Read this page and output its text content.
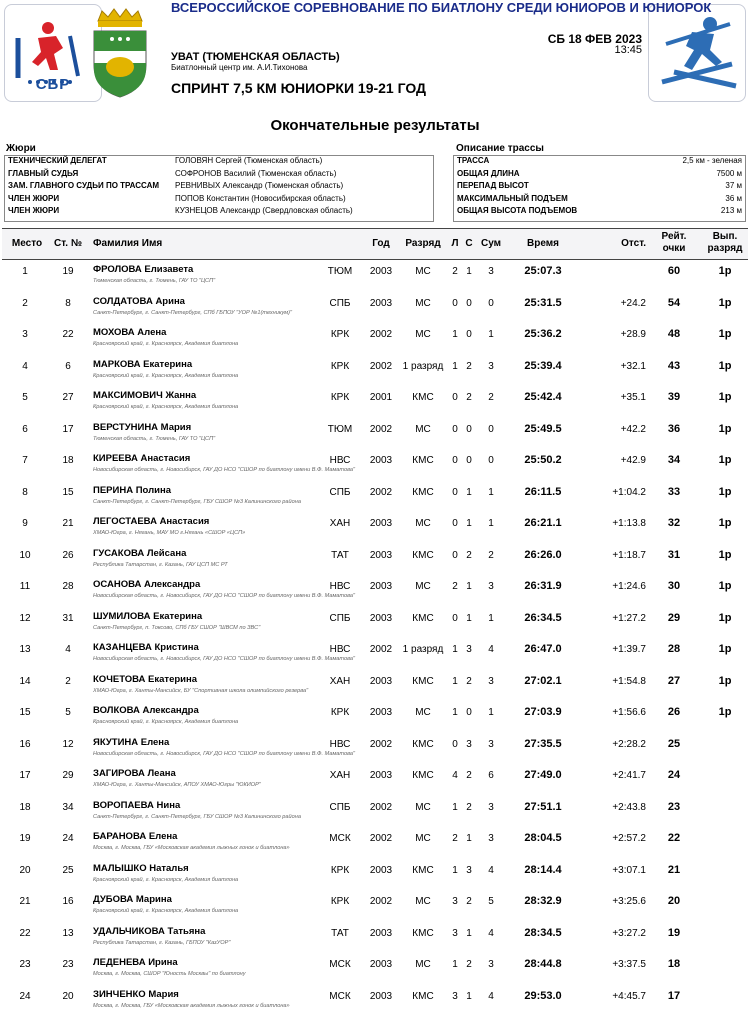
СБР
ВСЕРОССИЙСКОЕ СОРЕВНОВАНИЕ ПО БИАТЛОНУ СРЕДИ ЮНИОРОВ И ЮНИОРОК
СБ 18 ФЕВ 2023
13:45
УВАТ (ТЮМЕНСКАЯ ОБЛАСТЬ)
Биатлонный центр им. А.И.Тихонова
СПРИНТ 7,5 КМ ЮНИОРКИ 19-21 ГОД
Окончательные результаты
Жюри
ТЕХНИЧЕСКИЙ ДЕЛЕГАТ	ГОЛОВЯН Сергей (Тюменская область)
ГЛАВНЫЙ СУДЬЯ	СОФРОНОВ Василий (Тюменская область)
ЗАМ. ГЛАВНОГО СУДЬИ ПО ТРАССАМ РЕВНИВЫХ Александр (Тюменская область)
ЧЛЕН ЖЮРИ	ПОПОВ Константин (Новосибирская область)
ЧЛЕН ЖЮРИ	КУЗНЕЦОВ Александр (Свердловская область)
Описание трассы
ТРАССА	2,5 км - зеленая
ОБЩАЯ ДЛИНА	7500 м
ПЕРЕПАД ВЫСОТ	37 м
МАКСИМАЛЬНЫЙ ПОДЪЕМ	36 м
ОБЩАЯ ВЫСОТА ПОДЪЕМОВ	213 м
Место	Ст. №	Фамилия Имя	Год	Разряд	Л С Сум	Время	Отст.
Рейт.
очки
Вып.
разряд
1	19	ФРОЛОВА Елизавета
Тюменская область, г. Тюмень, ГАУ ТО "ЦСП"
ТЮМ	2003	МС	2 1	3	25:07.3	60	1р
2	8	СОЛДАТОВА Арина
Санкт-Петербург, г. Санкт-Петербург, СПб ГБПОУ "УОР №1(техникум)"
СПБ	2003	МС	0 0	0	25:31.5	+24.2	54	1р
3	22	МОХОВА Алена
Красноярский край, г. Красноярск, Академия биатлона
КРК	2002	МС	1 0	1	25:36.2	+28.9	48	1р
4	6	МАРКОВА Екатерина
Красноярский край, г. Красноярск, Академия биатлона
КРК	2002	1 разряд 1 2	3	25:39.4	+32.1	43	1р
5	27	МАКСИМОВИЧ Жанна
Красноярский край, г. Красноярск, Академия биатлона
КРК	2001	КМС	0 2	2	25:42.4	+35.1	39	1р
6	17	ВЕРСТУНИНА Мария
Тюменская область, г. Тюмень, ГАУ ТО "ЦСП"
ТЮМ	2002	МС	0 0	0	25:49.5	+42.2	36	1р
7	18	КИРЕЕВА Анастасия
Новосибирская область, г. Новосибирск, ГАУ ДО НСО "СШОР по биатлону имени В.Ф. Маматова"
НВС	2003	КМС	0 0	0	25:50.2	+42.9	34	1р
8	15	ПЕРИНА Полина
Санкт-Петербург, г. Санкт-Петербург, ГБУ СШОР №3 Калининского района
СПБ	2002	КМС	0 1	1	26:11.5	+1:04.2	33	1р
9	21	ЛЕГОСТАЕВА Анастасия
ХМАО-Югра, г. Нягань, МАУ МО г.Нягань «СШОР «ЦСП»
ХАН	2003	МС	0 1	1	26:21.1	+1:13.8	32	1р
10	26	ГУСАКОВА Лейсана
Республика Татарстан, г. Казань, ГАУ ЦСП МС РТ
ТАТ	2003	КМС	0 2	2	26:26.0	+1:18.7	31	1р
11	28	ОСАНОВА Александра
Новосибирская область, г. Новосибирск, ГАУ ДО НСО "СШОР по биатлону имени В.Ф. Маматова"
НВС	2003	МС	2 1	3	26:31.9	+1:24.6	30	1р
12	31	ШУМИЛОВА Екатерина
Санкт-Петербург, п. Токсово, СПб ГБУ СШОР "ШВСМ по ЗВС"
СПБ	2003	КМС	0 1	1	26:34.5	+1:27.2	29	1р
13	4	КАЗАНЦЕВА Кристина
Новосибирская область, г. Новосибирск, ГАУ ДО НСО "СШОР по биатлону имени В.Ф. Маматова"
НВС	2002	1 разряд 1 3	4	26:47.0	+1:39.7	28	1р
14	2	КОЧЕТОВА Екатерина
ХМАО-Югра, г. Ханты-Мансийск, БУ "Спортивная школа олимпийского резерва"
ХАН	2003	КМС	1 2	3	27:02.1	+1:54.8	27	1р
15	5	ВОЛКОВА Александра
Красноярский край, г. Красноярск, Академия биатлона
КРК	2003	МС	1 0	1	27:03.9	+1:56.6	26	1р
16	12	ЯКУТИНА Елена
Новосибирская область, г. Новосибирск, ГАУ ДО НСО "СШОР по биатлону имени В.Ф. Маматова"
НВС	2002	КМС	0 3	3	27:35.5	+2:28.2	25
17	29	ЗАГИРОВА Леана
ХМАО-Югра, г. Ханты-Мансийск, АПОУ ХМАО-Югры "ЮКИОР"
ХАН	2003	КМС	4 2	6	27:49.0	+2:41.7	24
18	34	ВОРОПАЕВА Нина
Санкт-Петербург, г. Санкт-Петербург, ГБУ СШОР №3 Калининского района
СПБ	2002	МС	1 2	3	27:51.1	+2:43.8	23
19	24	БАРАНОВА Елена
Москва, г. Москва, ГБУ «Московская академия лыжных гонок и биатлона»
МСК	2002	МС	2 1	3	28:04.5	+2:57.2	22
20	25	МАЛЫШКО Наталья
Красноярский край, г. Красноярск, Академия биатлона
КРК	2003	КМС	1 3	4	28:14.4	+3:07.1	21
21	16	ДУБОВА Марина
Красноярский край, г. Красноярск, Академия биатлона
КРК	2002	МС	3 2	5	28:32.9	+3:25.6	20
22	13	УДАЛЬЧИКОВА Татьяна
Республика Татарстан, г. Казань, ГБПОУ "КазУОР"
ТАТ	2003	КМС	3 1	4	28:34.5	+3:27.2	19
23	23	ЛЕДЕНЕВА Ирина
Москва, г. Москва, СШОР "Юность Москвы" по биатлону
МСК	2003	МС	1 2	3	28:44.8	+3:37.5	18
24	20	ЗИНЧЕНКО Мария
Москва, г. Москва, ГБУ «Московская академия лыжных гонок и биатлона»
МСК	2003	КМС	3 1	4	29:53.0	+4:45.7	17
